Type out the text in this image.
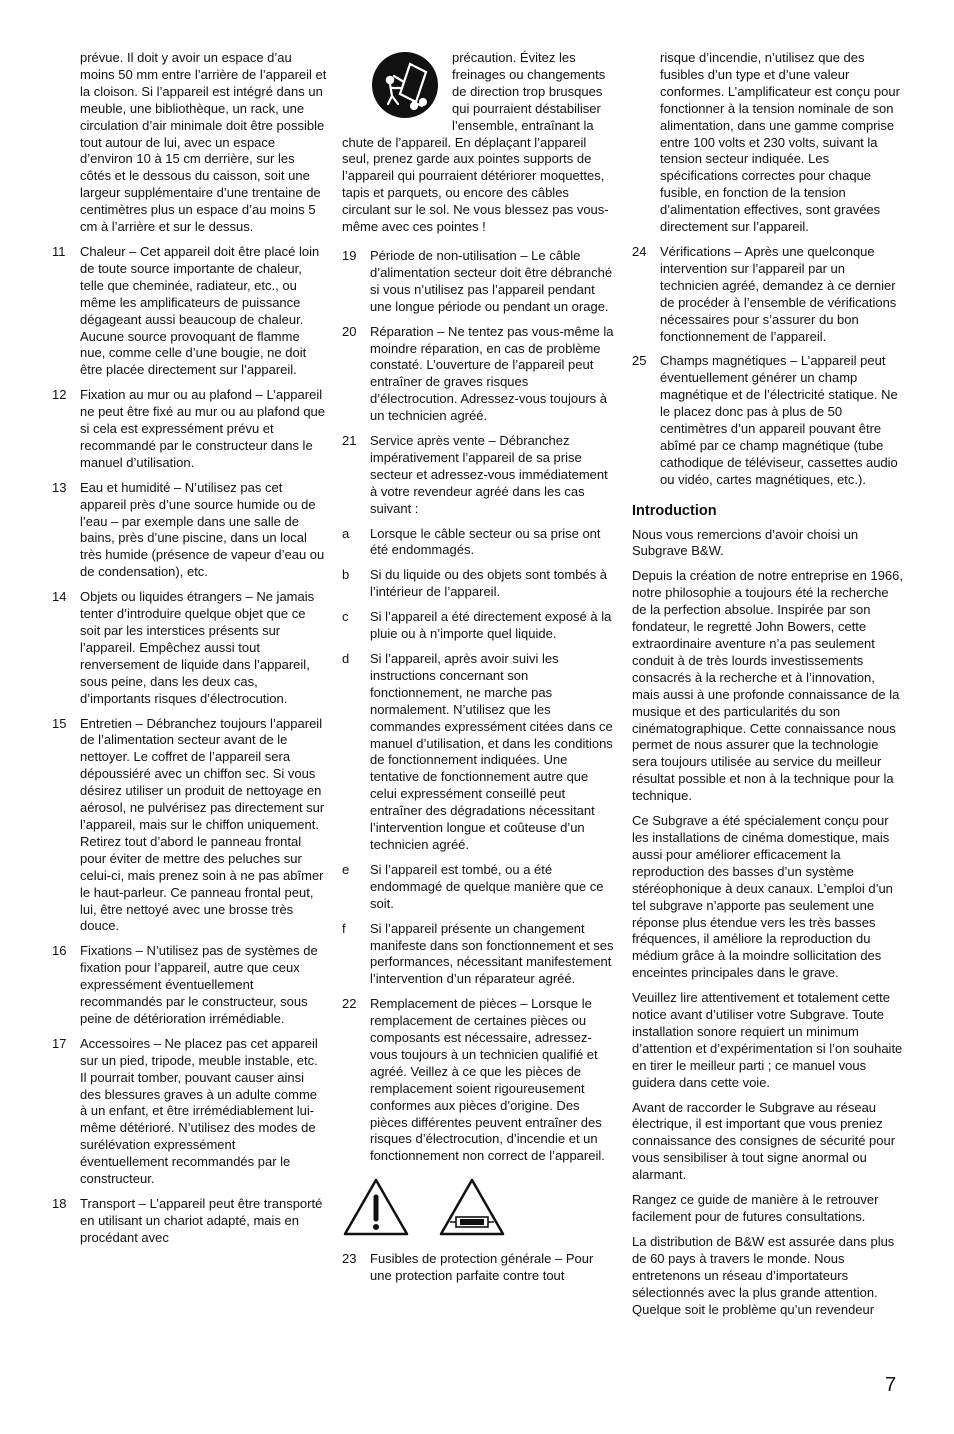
prévue. Il doit y avoir un espace d’au moins 50 mm entre l’arrière de l’appareil et la cloison. Si l’appareil est intégré dans un meuble, une bibliothèque, un rack, une circulation d’air minimale doit être possible tout autour de lui, avec un espace d’environ 10 à 15 cm derrière, sur les côtés et le dessous du caisson, soit une largeur supplémentaire d’une trentaine de centimètres plus un espace d’au moins 5 cm à l’arrière et sur le dessus.

11 Chaleur – Cet appareil doit être placé loin de toute source importante de chaleur, telle que cheminée, radiateur, etc., ou même les amplificateurs de puissance dégageant aussi beaucoup de chaleur. Aucune source provoquant de flamme nue, comme celle d’une bougie, ne doit être placée directement sur l’appareil.
12 Fixation au mur ou au plafond – L’appareil ne peut être fixé au mur ou au plafond que si cela est expressément prévu et recommandé par le constructeur dans le manuel d’utilisation.
13 Eau et humidité – N’utilisez pas cet appareil près d’une source humide ou de l’eau – par exemple dans une salle de bains, près d’une piscine, dans un local très humide (présence de vapeur d’eau ou de condensation), etc.
14 Objets ou liquides étrangers – Ne jamais tenter d’introduire quelque objet que ce soit par les interstices présents sur l’appareil. Empêchez aussi tout renversement de liquide dans l’appareil, sous peine, dans les deux cas, d’importants risques d’électrocution.
15 Entretien – Débranchez toujours l’appareil de l’alimentation secteur avant de le nettoyer. Le coffret de l’appareil sera dépoussiéré avec un chiffon sec. Si vous désirez utiliser un produit de nettoyage en aérosol, ne pulvérisez pas directement sur l’appareil, mais sur le chiffon uniquement. Retirez tout d’abord le panneau frontal pour éviter de mettre des peluches sur celui-ci, mais prenez soin à ne pas abîmer le haut-parleur. Ce panneau frontal peut, lui, être nettoyé avec une brosse très douce.
16 Fixations – N’utilisez pas de systèmes de fixation pour l’appareil, autre que ceux expressément éventuellement recommandés par le constructeur, sous peine de détérioration irrémédiable.
17 Accessoires – Ne placez pas cet appareil sur un pied, tripode, meuble instable, etc. Il pourrait tomber, pouvant causer ainsi des blessures graves à un adulte comme à un enfant, et être irrémédiablement lui-même détérioré. N’utilisez des modes de surélévation expressément éventuellement recommandés par le constructeur.
18 Transport – L’appareil peut être transporté en utilisant un chariot adapté, mais en procédant avec

précaution. Évitez les freinages ou changements de direction trop brusques qui pourraient déstabiliser l’ensemble, entraînant la chute de l’appareil. En déplaçant l’appareil seul, prenez garde aux pointes supports de l’appareil qui pourraient détériorer moquettes, tapis et parquets, ou encore des câbles circulant sur le sol. Ne vous blessez pas vous-même avec ces pointes !

19 Période de non-utilisation – Le câble d’alimentation secteur doit être débranché si vous n’utilisez pas l’appareil pendant une longue période ou pendant un orage.
20 Réparation – Ne tentez pas vous-même la moindre réparation, en cas de problème constaté. L’ouverture de l’appareil peut entraîner de graves risques d’électrocution. Adressez-vous toujours à un technicien agréé.
21 Service après vente – Débranchez impérativement l’appareil de sa prise secteur et adressez-vous immédiatement à votre revendeur agréé dans les cas suivant :
a Lorsque le câble secteur ou sa prise ont été endommagés.
b Si du liquide ou des objets sont tombés à l’intérieur de l’appareil.
c Si l’appareil a été directement exposé à la pluie ou à n’importe quel liquide.
d Si l’appareil, après avoir suivi les instructions concernant son fonctionnement, ne marche pas normalement. N’utilisez que les commandes expressément citées dans ce manuel d’utilisation, et dans les conditions de fonctionnement indiquées. Une tentative de fonctionnement autre que celui expressément conseillé peut entraîner des dégradations nécessitant l’intervention longue et coûteuse d’un technicien agréé.
e Si l’appareil est tombé, ou a été endommagé de quelque manière que ce soit.
f Si l’appareil présente un changement manifeste dans son fonctionnement et ses performances, nécessitant manifestement l’intervention d’un réparateur agréé.
22 Remplacement de pièces – Lorsque le remplacement de certaines pièces ou composants est nécessaire, adressez-vous toujours à un technicien qualifié et agréé. Veillez à ce que les pièces de remplacement soient rigoureusement conformes aux pièces d’origine. Des pièces différentes peuvent entraîner des risques d’électrocution, d’incendie et un fonctionnement non correct de l’appareil.
23 Fusibles de protection générale – Pour une protection parfaite contre tout

risque d’incendie, n’utilisez que des fusibles d’un type et d’une valeur conformes. L’amplificateur est conçu pour fonctionner à la tension nominale de son alimentation, dans une gamme comprise entre 100 volts et 230 volts, suivant la tension secteur indiquée. Les spécifications correctes pour chaque fusible, en fonction de la tension d’alimentation effectives, sont gravées directement sur l’appareil.

24 Vérifications – Après une quelconque intervention sur l’appareil par un technicien agréé, demandez à ce dernier de procéder à l’ensemble de vérifications nécessaires pour s’assurer du bon fonctionnement de l’appareil.
25 Champs magnétiques – L’appareil peut éventuellement générer un champ magnétique et de l’électricité statique. Ne le placez donc pas à plus de 50 centimètres d’un appareil pouvant être abîmé par ce champ magnétique (tube cathodique de téléviseur, cassettes audio ou vidéo, cartes magnétiques, etc.).
Introduction

Nous vous remercions d’avoir choisi un Subgrave B&W.

Depuis la création de notre entreprise en 1966, notre philosophie a toujours été la recherche de la perfection absolue. Inspirée par son fondateur, le regretté John Bowers, cette extraordinaire aventure n’a pas seulement conduit à de très lourds investissements consacrés à la recherche et à l’innovation, mais aussi à une profonde connaissance de la musique et des particularités du son cinématographique. Cette connaissance nous permet de nous assurer que la technologie sera toujours utilisée au service du meilleur résultat possible et non à la technique pour la technique.

Ce Subgrave a été spécialement conçu pour les installations de cinéma domestique, mais aussi pour améliorer efficacement la reproduction des basses d’un système stéréophonique à deux canaux. L’emploi d’un tel subgrave n’apporte pas seulement une réponse plus étendue vers les très basses fréquences, il améliore la reproduction du médium grâce à la moindre sollicitation des enceintes principales dans le grave.

Veuillez lire attentivement et totalement cette notice avant d’utiliser votre Subgrave. Toute installation sonore requiert un minimum d’attention et d’expérimentation si l’on souhaite en tirer le meilleur parti ; ce manuel vous guidera dans cette voie.

Avant de raccorder le Subgrave au réseau électrique, il est important que vous preniez connaissance des consignes de sécurité pour vous sensibiliser à tout signe anormal ou alarmant.

Rangez ce guide de manière à le retrouver facilement pour de futures consultations.

La distribution de B&W est assurée dans plus de 60 pays à travers le monde. Nous entretenons un réseau d’importateurs sélectionnés avec la plus grande attention. Quelque soit le problème qu’un revendeur

7
